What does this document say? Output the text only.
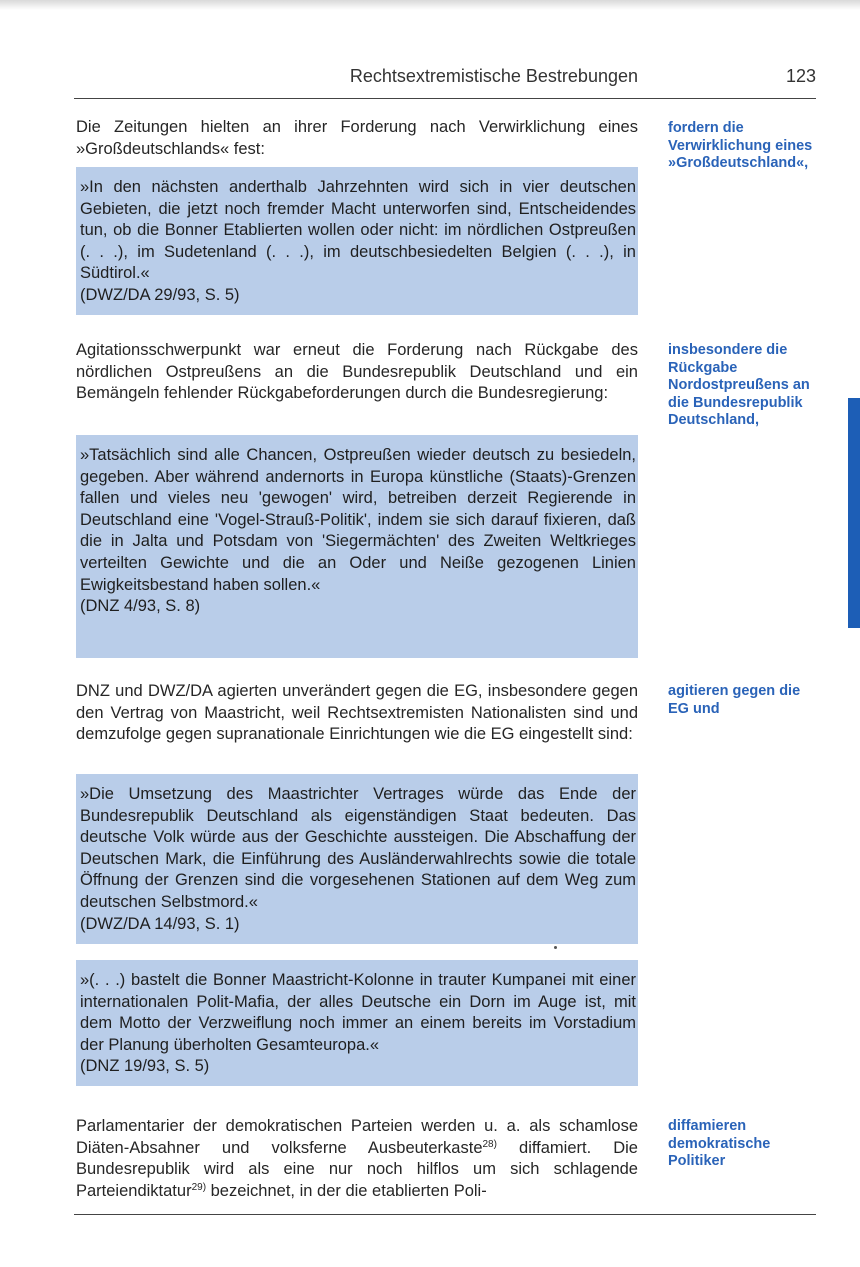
Rechtsextremistische Bestrebungen	123
Die Zeitungen hielten an ihrer Forderung nach Verwirklichung eines »Großdeutschlands« fest:

»In den nächsten anderthalb Jahrzehnten wird sich in vier deutschen Gebieten, die jetzt noch fremder Macht unterworfen sind, Entscheidendes tun, ob die Bonner Etablierten wollen oder nicht: im nördlichen Ostpreußen (. . .), im Sudetenland (. . .), im deutschbesiedelten Belgien (. . .), in Südtirol.«

(DWZ/DA 29/93, S. 5)

Agitationsschwerpunkt war erneut die Forderung nach Rückgabe des nördlichen Ostpreußens an die Bundesrepublik Deutschland und ein Bemängeln fehlender Rückgabeforderungen durch die Bundesregierung:

»Tatsächlich sind alle Chancen, Ostpreußen wieder deutsch zu besiedeln, gegeben. Aber während andernorts in Europa künstliche (Staats)-Grenzen fallen und vieles neu 'gewogen' wird, betreiben derzeit Regierende in Deutschland eine 'Vogel-Strauß-Politik', indem sie sich darauf fixieren, daß die in Jalta und Potsdam von 'Siegermächten' des Zweiten Weltkrieges verteilten Gewichte und die an Oder und Neiße gezogenen Linien Ewigkeitsbestand haben sollen.«

(DNZ 4/93, S. 8)

DNZ und DWZ/DA agierten unverändert gegen die EG, insbesondere gegen den Vertrag von Maastricht, weil Rechtsextremisten Nationalisten sind und demzufolge gegen supranationale Einrichtungen wie die EG eingestellt sind:

»Die Umsetzung des Maastrichter Vertrages würde das Ende der Bundesrepublik Deutschland als eigenständigen Staat bedeuten. Das deutsche Volk würde aus der Geschichte aussteigen. Die Abschaffung der Deutschen Mark, die Einführung des Ausländerwahlrechts sowie die totale Öffnung der Grenzen sind die vorgesehenen Stationen auf dem Weg zum deutschen Selbstmord.«

(DWZ/DA 14/93, S. 1)

»(. . .) bastelt die Bonner Maastricht-Kolonne in trauter Kumpanei mit einer internationalen Polit-Mafia, der alles Deutsche ein Dorn im Auge ist, mit dem Motto der Verzweiflung noch immer an einem bereits im Vorstadium der Planung überholten Gesamteuropa.«

(DNZ 19/93, S. 5)

Parlamentarier der demokratischen Parteien werden u. a. als schamlose Diäten-Absahner und volksferne Ausbeuterkaste$^{28)}$ diffamiert. Die Bundesrepublik wird als eine nur noch hilflos um sich schlagende Parteiendiktatur$^{29)}$ bezeichnet, in der die etablierten Poli-
fordern die Verwirklichung eines »Großdeutschland«,
insbesondere die Rückgabe Nordostpreußens an die Bundesrepublik Deutschland,
agitieren gegen die EG und
diffamieren demokratische Politiker
